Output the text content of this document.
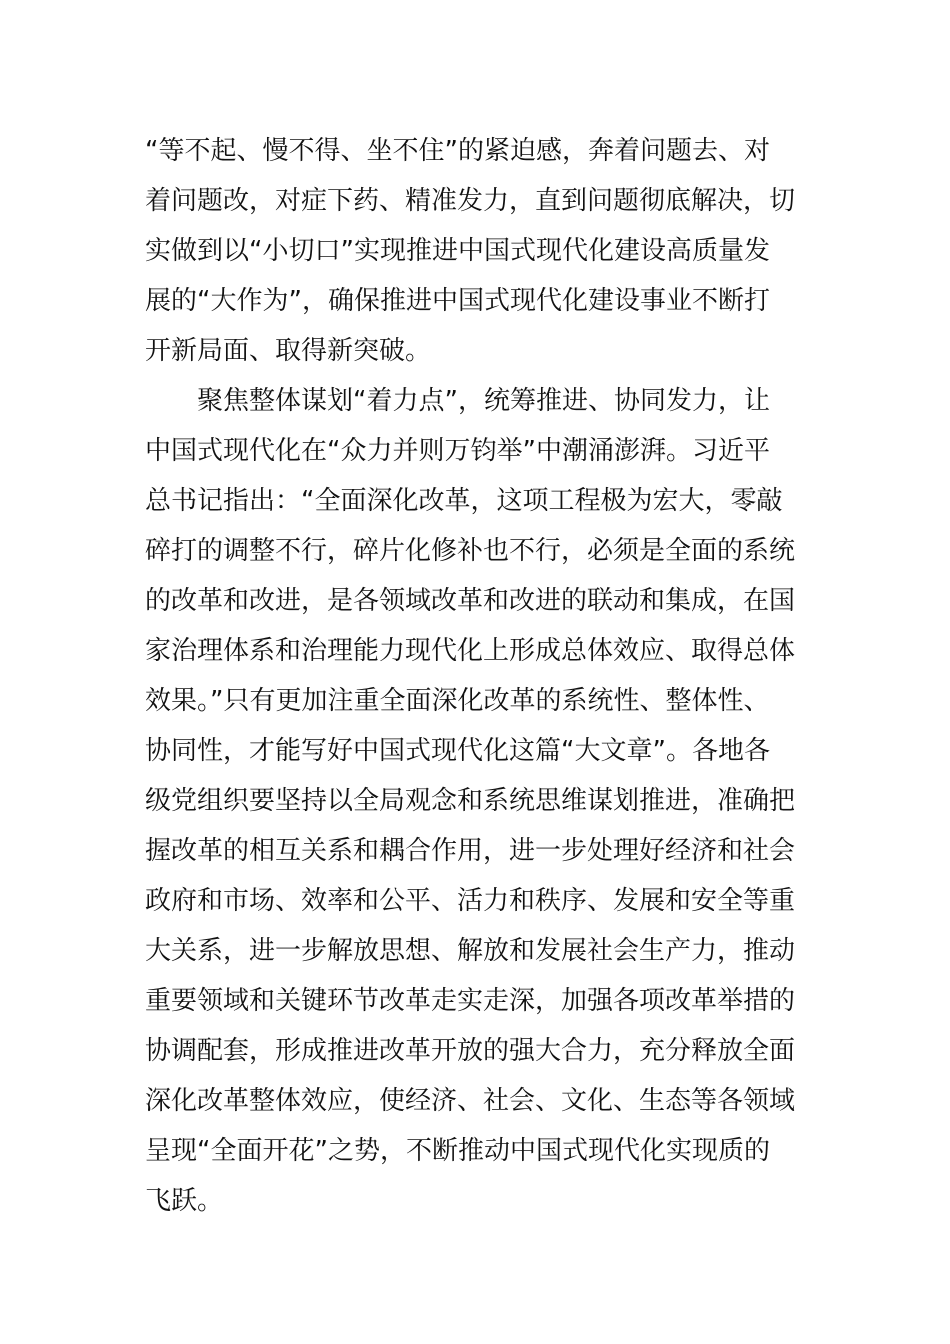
“等不起、慢不得、坐不住”的紧迫感，奔着问题去、对
着问题改，对症下药、精准发力，直到问题彻底解决，切
实做到以“小切口”实现推进中国式现代化建设高质量发
展的“大作为”，确保推进中国式现代化建设事业不断打
开新局面、取得新突破。
　　聚焦整体谋划“着力点”，统筹推进、协同发力，让
中国式现代化在“众力并则万钧举”中潮涌澎湃。习近平
总书记指出：“全面深化改革，这项工程极为宏大，零敲
碎打的调整不行，碎片化修补也不行，必须是全面的系统
的改革和改进，是各领域改革和改进的联动和集成，在国
家治理体系和治理能力现代化上形成总体效应、取得总体
效果。”只有更加注重全面深化改革的系统性、整体性、
协同性，才能写好中国式现代化这篇“大文章”。各地各
级党组织要坚持以全局观念和系统思维谋划推进，准确把
握改革的相互关系和耦合作用，进一步处理好经济和社会
政府和市场、效率和公平、活力和秩序、发展和安全等重
大关系，进一步解放思想、解放和发展社会生产力，推动
重要领域和关键环节改革走实走深，加强各项改革举措的
协调配套，形成推进改革开放的强大合力，充分释放全面
深化改革整体效应，使经济、社会、文化、生态等各领域
呈现“全面开花”之势，不断推动中国式现代化实现质的
飞跃。
